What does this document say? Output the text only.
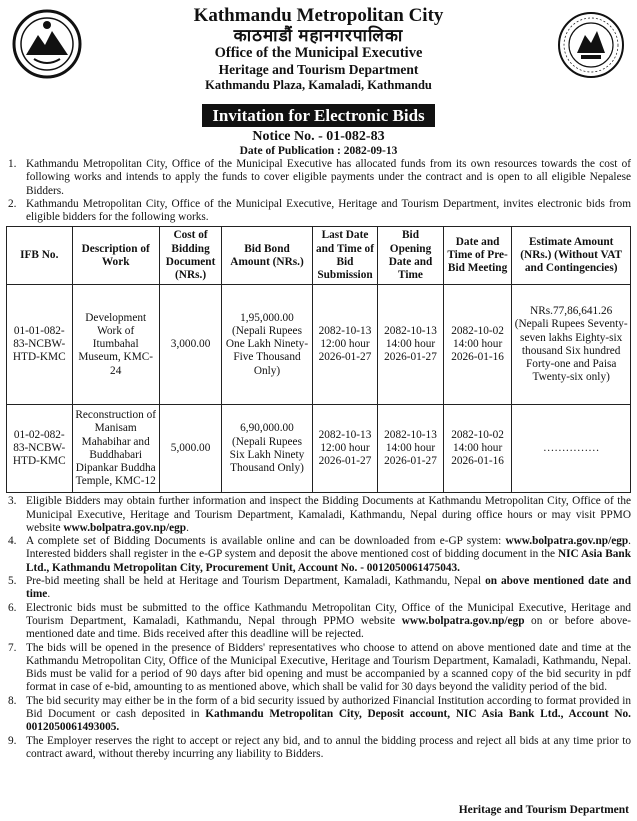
Kathmandu Metropolitan City
काठमाडौं महानगरपालिका
Office of the Municipal Executive
Heritage and Tourism Department
Kathmandu Plaza, Kamaladi, Kathmandu
Invitation for Electronic Bids
Notice No. - 01-082-83
Date of Publication : 2082-09-13
1. Kathmandu Metropolitan City, Office of the Municipal Executive has allocated funds from its own resources towards the cost of following works and intends to apply the funds to cover eligible payments under the contract and is open to all eligible Nepalese Bidders.
2. Kathmandu Metropolitan City, Office of the Municipal Executive, Heritage and Tourism Department, invites electronic bids from eligible bidders for the following works.
IFB No.	Description of Work	Cost of Bidding Document (NRs.)	Bid Bond Amount (NRs.)	Last Date and Time of Bid Submission	Bid Opening Date and Time	Date and Time of Pre-Bid Meeting	Estimate Amount (NRs.) (Without VAT and Contingencies)
01-01-082-83-NCBW-HTD-KMC	Development Work of Itumbahal Museum, KMC-24	3,000.00	1,95,000.00 (Nepali Rupees One Lakh Ninety-Five Thousand Only)	2082-10-13 12:00 hour 2026-01-27	2082-10-13 14:00 hour 2026-01-27	2082-10-02 14:00 hour 2026-01-16	NRs.77,86,641.26 (Nepali Rupees Seventy-seven lakhs Eighty-six thousand Six hundred Forty-one and Paisa Twenty-six only)
01-02-082-83-NCBW-HTD-KMC	Reconstruction of Manisam Mahabihar and Buddhabari Dipankar Buddha Temple, KMC-12	5,000.00	6,90,000.00 (Nepali Rupees Six Lakh Ninety Thousand Only)	2082-10-13 12:00 hour 2026-01-27	2082-10-13 14:00 hour 2026-01-27	2082-10-02 14:00 hour 2026-01-16	……………
3. Eligible Bidders may obtain further information and inspect the Bidding Documents at Kathmandu Metropolitan City, Office of the Municipal Executive, Heritage and Tourism Department, Kamaladi, Kathmandu, Nepal during office hours or may visit PPMO website www.bolpatra.gov.np/egp.
4. A complete set of Bidding Documents is available online and can be downloaded from e-GP system: www.bolpatra.gov.np/egp. Interested bidders shall register in the e-GP system and deposit the above mentioned cost of bidding document in the NIC Asia Bank Ltd., Kathmandu Metropolitan City, Procurement Unit, Account No. - 0012050061475043.
5. Pre-bid meeting shall be held at Heritage and Tourism Department, Kamaladi, Kathmandu, Nepal on above mentioned date and time.
6. Electronic bids must be submitted to the office Kathmandu Metropolitan City, Office of the Municipal Executive, Heritage and Tourism Department, Kamaladi, Kathmandu, Nepal through PPMO website www.bolpatra.gov.np/egp on or before above-mentioned date and time. Bids received after this deadline will be rejected.
7. The bids will be opened in the presence of Bidders' representatives who choose to attend on above mentioned date and time at the Kathmandu Metropolitan City, Office of the Municipal Executive, Heritage and Tourism Department, Kamaladi, Kathmandu, Nepal. Bids must be valid for a period of 90 days after bid opening and must be accompanied by a scanned copy of the bid security in pdf format in case of e-bid, amounting to as mentioned above, which shall be valid for 30 days beyond the validity period of the bid.
8. The bid security may either be in the form of a bid security issued by authorized Financial Institution according to format provided in Bid Document or cash deposited in Kathmandu Metropolitan City, Deposit account, NIC Asia Bank Ltd., Account No. 0012050061493005.
9. The Employer reserves the right to accept or reject any bid, and to annul the bidding process and reject all bids at any time prior to contract award, without thereby incurring any liability to Bidders.
Heritage and Tourism Department
